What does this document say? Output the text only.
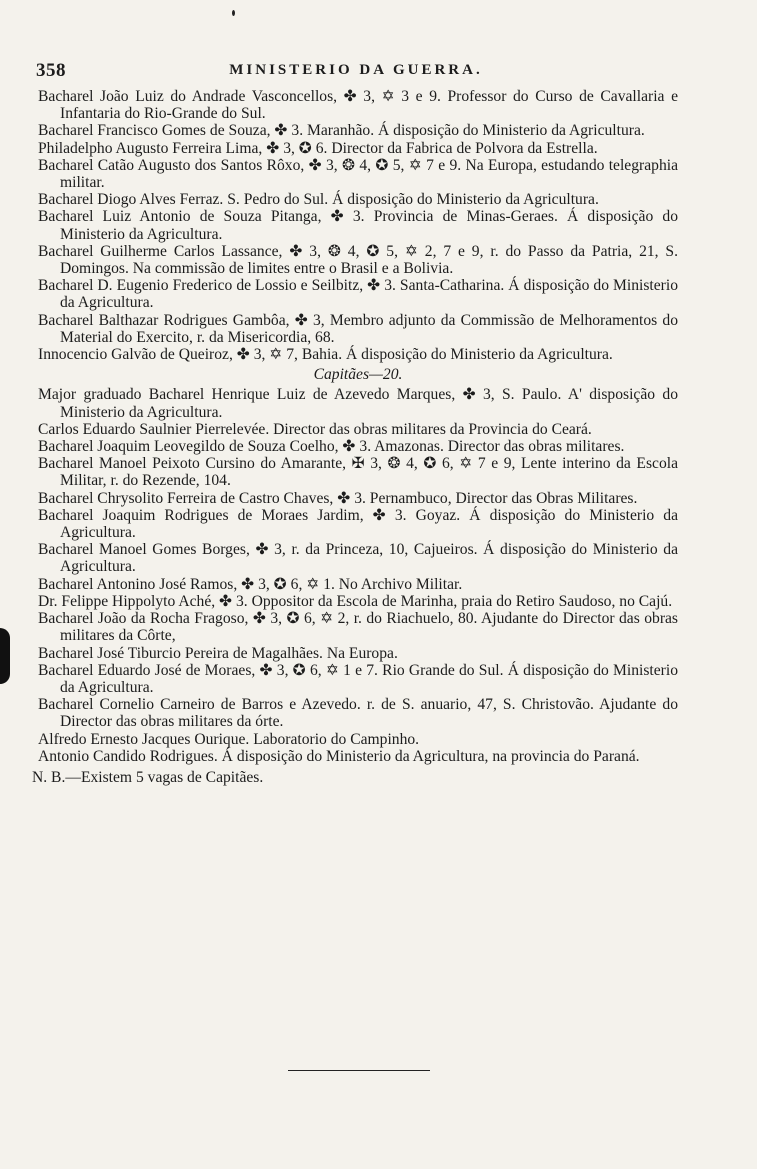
358	MINISTERIO DA GUERRA.

Bacharel João Luiz do Andrade Vasconcellos, ✤ 3, ✡ 3 e 9. Professor do Curso de Cavallaria e Infantaria do Rio-Grande do Sul.

Bacharel Francisco Gomes de Souza, ✤ 3. Maranhão. Á disposição do Ministerio da Agricultura.

Philadelpho Augusto Ferreira Lima, ✤ 3, ✪ 6. Director da Fabrica de Polvora da Estrella.

Bacharel Catão Augusto dos Santos Rôxo, ✤ 3, ❂ 4, ✪ 5, ✡ 7 e 9. Na Europa, estudando telegraphia militar.

Bacharel Diogo Alves Ferraz. S. Pedro do Sul. Á disposição do Ministerio da Agricultura.

Bacharel Luiz Antonio de Souza Pitanga, ✤ 3. Provincia de Minas-Geraes. Á disposição do Ministerio da Agricultura.

Bacharel Guilherme Carlos Lassance, ✤ 3, ❂ 4, ✪ 5, ✡ 2, 7 e 9, r. do Passo da Patria, 21, S. Domingos. Na commissão de limites entre o Brasil e a Bolivia.

Bacharel D. Eugenio Frederico de Lossio e Seilbitz, ✤ 3. Santa-Catharina. Á disposição do Ministerio da Agricultura.

Bacharel Balthazar Rodrigues Gambôa, ✤ 3, Membro adjunto da Commissão de Melhoramentos do Material do Exercito, r. da Misericordia, 68.

Innocencio Galvão de Queiroz, ✤ 3, ✡ 7, Bahia. Á disposição do Ministerio da Agricultura.

Capitães—20.

Major graduado Bacharel Henrique Luiz de Azevedo Marques, ✤ 3, S. Paulo. A' disposição do Ministerio da Agricultura.

Carlos Eduardo Saulnier Pierrelevée. Director das obras militares da Provincia do Ceará.

Bacharel Joaquim Leovegildo de Souza Coelho, ✤ 3. Amazonas. Director das obras militares.

Bacharel Manoel Peixoto Cursino do Amarante, ✠ 3, ❂ 4, ✪ 6, ✡ 7 e 9, Lente interino da Escola Militar, r. do Rezende, 104.

Bacharel Chrysolito Ferreira de Castro Chaves, ✤ 3. Pernambuco, Director das Obras Militares.

Bacharel Joaquim Rodrigues de Moraes Jardim, ✤ 3. Goyaz. Á disposição do Ministerio da Agricultura.

Bacharel Manoel Gomes Borges, ✤ 3, r. da Princeza, 10, Cajueiros. Á disposição do Ministerio da Agricultura.

Bacharel Antonino José Ramos, ✤ 3, ✪ 6, ✡ 1. No Archivo Militar.

Dr. Felippe Hippolyto Aché, ✤ 3. Oppositor da Escola de Marinha, praia do Retiro Saudoso, no Cajú.

Bacharel João da Rocha Fragoso, ✤ 3, ✪ 6, ✡ 2, r. do Riachuelo, 80. Ajudante do Director das obras militares da Côrte,

Bacharel José Tiburcio Pereira de Magalhães. Na Europa.

Bacharel Eduardo José de Moraes, ✤ 3, ✪ 6, ✡ 1 e 7. Rio Grande do Sul. Á disposição do Ministerio da Agricultura.

Bacharel Cornelio Carneiro de Barros e Azevedo. r. de S. anuario, 47, S. Christovão. Ajudante do Director das obras militares da órte.

Alfredo Ernesto Jacques Ourique. Laboratorio do Campinho.

Antonio Candido Rodrigues. Á disposição do Ministerio da Agricultura, na provincia do Paraná.

N. B.—Existem 5 vagas de Capitães.
